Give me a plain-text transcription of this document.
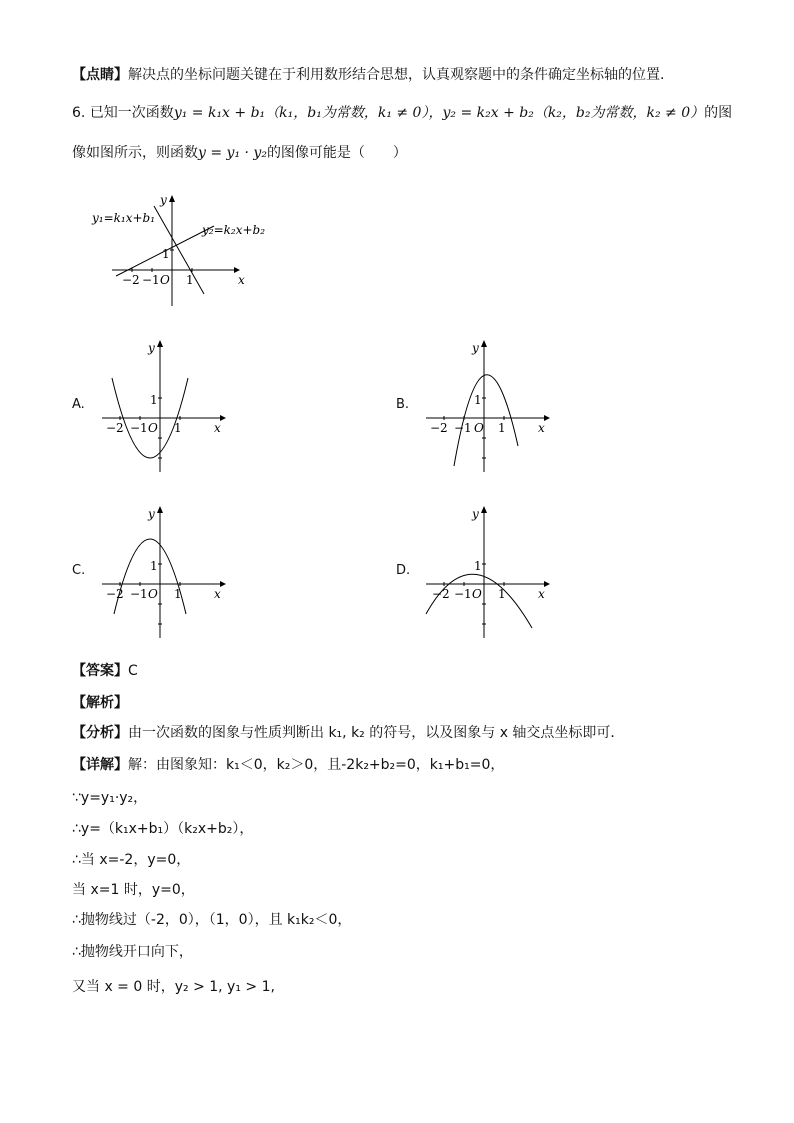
【点睛】解决点的坐标问题关键在于利用数形结合思想，认真观察题中的条件确定坐标轴的位置.
6. 已知一次函数y₁ = k₁x + b₁（k₁，b₁为常数，k₁ ≠ 0），y₂ = k₂x + b₂（k₂，b₂为常数，k₂ ≠ 0）的图
像如图所示，则函数y = y₁ · y₂的图像可能是（　　）
y₁=k₁x+b₁
y₂=k₂x+b₂
x
y
O
−2 −1 1
1
A.
y
x
O
−2 −1 1
1	B.
y
x
O
−2 −1 1
1
C.
y
x
O
−2 −1 1
1	D.
y
x
O
−2 −1 1
1
【答案】C
【解析】
【分析】由一次函数的图象与性质判断出 k₁, k₂ 的符号，以及图象与 x 轴交点坐标即可．
【详解】解：由图象知：k₁＜0，k₂＞0，且-2k₂+b₂=0，k₁+b₁=0，
∵y=y₁·y₂，
∴y=（k₁x+b₁）（k₂x+b₂），
∴当 x=-2，y=0，
当 x=1 时，y=0，
∴抛物线过（-2，0），（1，0），且 k₁k₂＜0，
∴抛物线开口向下，
又当 x = 0 时，y₂ > 1, y₁ > 1,
